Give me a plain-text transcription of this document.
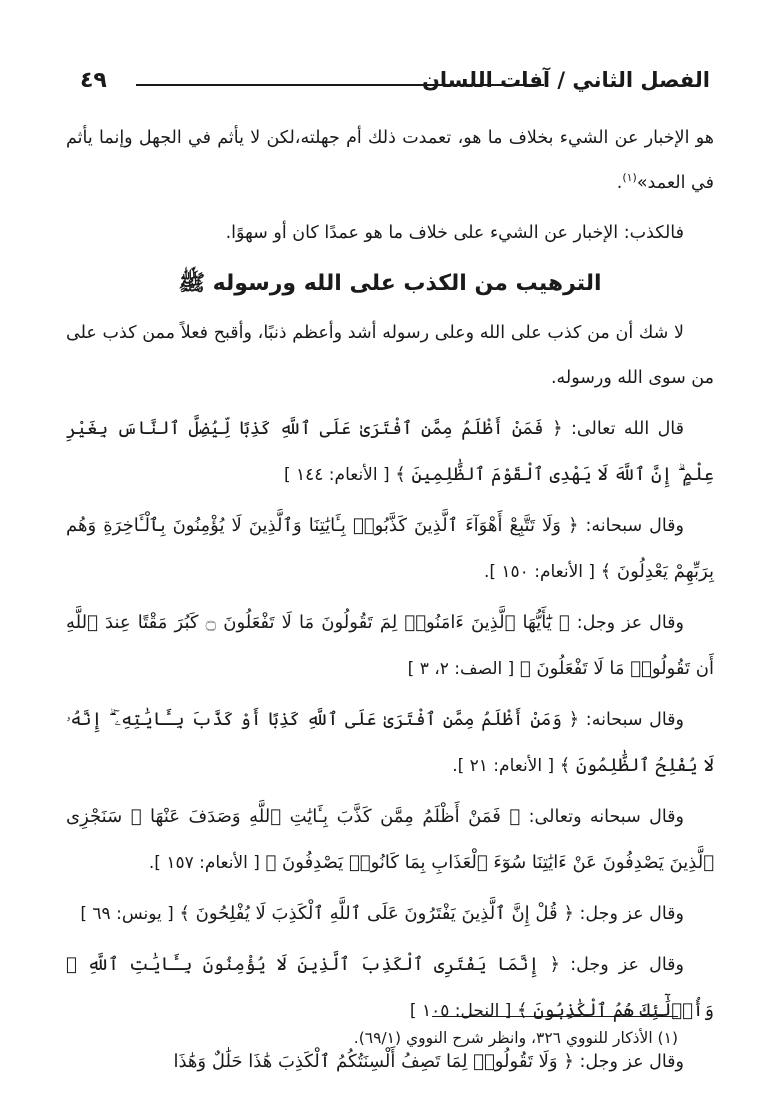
٤٩	الفصل الثاني / آفات اللسان

هو الإخبار عن الشيء بخلاف ما هو، تعمدت ذلك أم جهلته،لكن لا يأثم في الجهل وإنما يأثم في العمد»$^{(١)}$.

فالكذب: الإخبار عن الشيء على خلاف ما هو عمدًا كان أو سهوًا.

الترهيب من الكذب على الله ورسوله ﷺ

لا شك أن من كذب على الله وعلى رسوله أشد وأعظم ذنبًا، وأقبح فعلاً ممن كذب على من سوى الله ورسوله.

قال الله تعالى: ﴿ فَمَنْ أَظْلَمُ مِمَّنِ ٱفْتَرَىٰ عَلَى ٱللَّهِ كَذِبًا لِّيُضِلَّ ٱلنَّاسَ بِغَيْرِ عِلْمٍ ۗ إِنَّ ٱللَّهَ لَا يَهْدِى ٱلْقَوْمَ ٱلظَّٰلِمِينَ ﴾ [ الأنعام: ١٤٤ ]

وقال سبحانه: ﴿ وَلَا تَتَّبِعْ أَهْوَآءَ ٱلَّذِينَ كَذَّبُوا۟ بِـَٔايَٰتِنَا وَٱلَّذِينَ لَا يُؤْمِنُونَ بِٱلْـَٔاخِرَةِ وَهُم بِرَبِّهِمْ يَعْدِلُونَ ﴾ [ الأنعام: ١٥٠ ].

وقال عز وجل: ﴿ يَٰٓأَيُّهَا ٱلَّذِينَ ءَامَنُوا۟ لِمَ تَقُولُونَ مَا لَا تَفْعَلُونَ ۝ كَبُرَ مَقْتًا عِندَ ٱللَّهِ أَن تَقُولُوا۟ مَا لَا تَفْعَلُونَ ﴾ [ الصف: ٢، ٣ ]

وقال سبحانه: ﴿ وَمَنْ أَظْلَمُ مِمَّنِ ٱفْتَرَىٰ عَلَى ٱللَّهِ كَذِبًا أَوْ كَذَّبَ بِـَٔايَٰتِهِۦٓ ۗ إِنَّهُۥ لَا يُفْلِحُ ٱلظَّٰلِمُونَ ﴾ [ الأنعام: ٢١ ].

وقال سبحانه وتعالى: ﴿ فَمَنْ أَظْلَمُ مِمَّن كَذَّبَ بِـَٔايَٰتِ ٱللَّهِ وَصَدَفَ عَنْهَا ۗ سَنَجْزِى ٱلَّذِينَ يَصْدِفُونَ عَنْ ءَايَٰتِنَا سُوٓءَ ٱلْعَذَابِ بِمَا كَانُوا۟ يَصْدِفُونَ ﴾ [ الأنعام: ١٥٧ ].

وقال عز وجل: ﴿ قُلْ إِنَّ ٱلَّذِينَ يَفْتَرُونَ عَلَى ٱللَّهِ ٱلْكَذِبَ لَا يُفْلِحُونَ ﴾ [ يونس: ٦٩ ]

وقال عز وجل: ﴿ إِنَّمَا يَفْتَرِى ٱلْكَذِبَ ٱلَّذِينَ لَا يُؤْمِنُونَ بِـَٔايَٰتِ ٱللَّهِ ۖ وَأُو۟لَٰٓئِكَ هُمُ ٱلْكَٰذِبُونَ ﴾ [ النحل: ١٠٥ ]

وقال عز وجل: ﴿ وَلَا تَقُولُوا۟ لِمَا تَصِفُ أَلْسِنَتُكُمُ ٱلْكَذِبَ هَٰذَا حَلَٰلٌ وَهَٰذَا

(١) الأذكار للنووي ٣٢٦، وانظر شرح النووي (٦٩/١).
